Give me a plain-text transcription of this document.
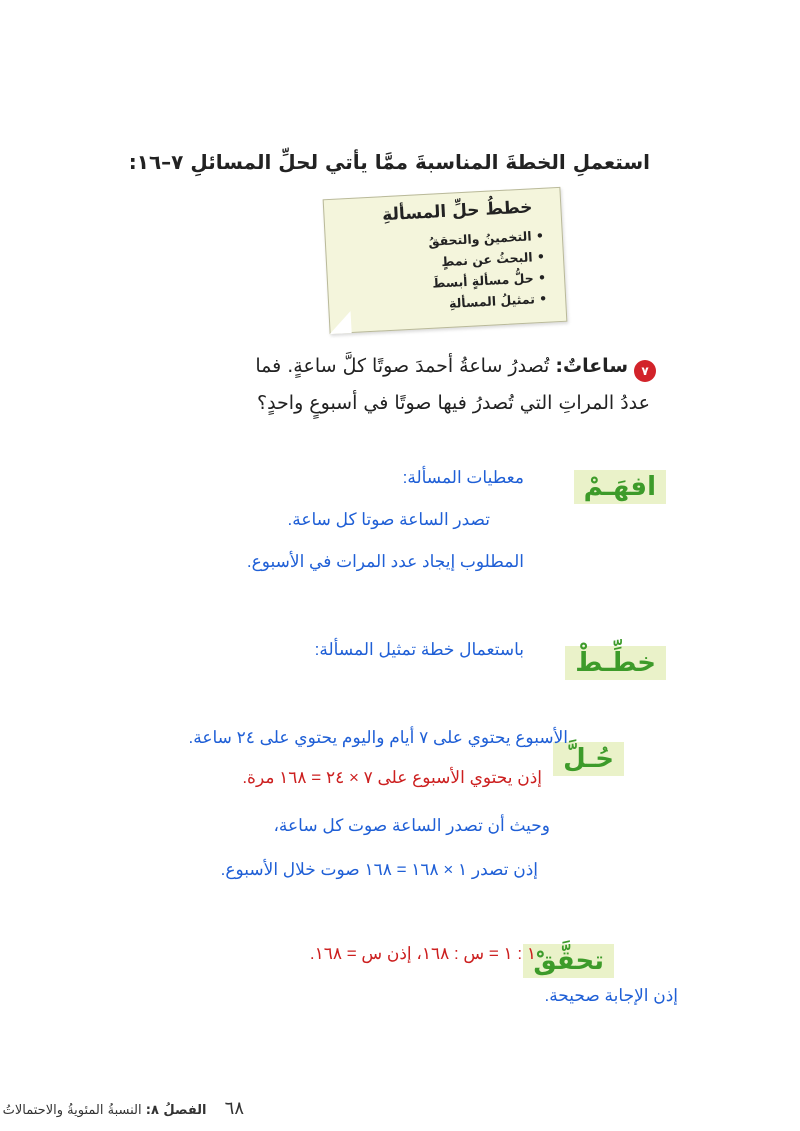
استعملِ الخطةَ المناسبةَ ممَّا يأتي لحلِّ المسائلِ ٧–١٦:
خططُ حلِّ المسألةِ
• التخمينُ والتحققُ
• البحثُ عن نمطٍ
• حلُّ مسألةٍ أبسطَ
• تمثيلُ المسألةِ
٧
ساعاتٌ: تُصدرُ ساعةُ أحمدَ صوتًا كلَّ ساعةٍ. فما
عددُ المراتِ التي تُصدرُ فيها صوتًا في أسبوعٍ واحدٍ؟
افهَـمْ
معطيات المسألة:
تصدر الساعة صوتا كل ساعة.
المطلوب إيجاد عدد المرات في الأسبوع.
خطِّـطْ
باستعمال خطة تمثيل المسألة:
حُـلَّ
الأسبوع يحتوي على ٧ أيام واليوم يحتوي على ٢٤ ساعة.
إذن يحتوي الأسبوع على ٧ × ٢٤ = ١٦٨ مرة.
وحيث أن تصدر الساعة صوت كل ساعة،
إذن تصدر ١ × ١٦٨ = ١٦٨ صوت خلال الأسبوع.
تحقَّقْ
١ : ١ = س : ١٦٨، إذن س = ١٦٨.
إذن الإجابة صحيحة.
٦٨ الفصلُ ٨: النسبةُ المئويةُ والاحتمالاتُ
